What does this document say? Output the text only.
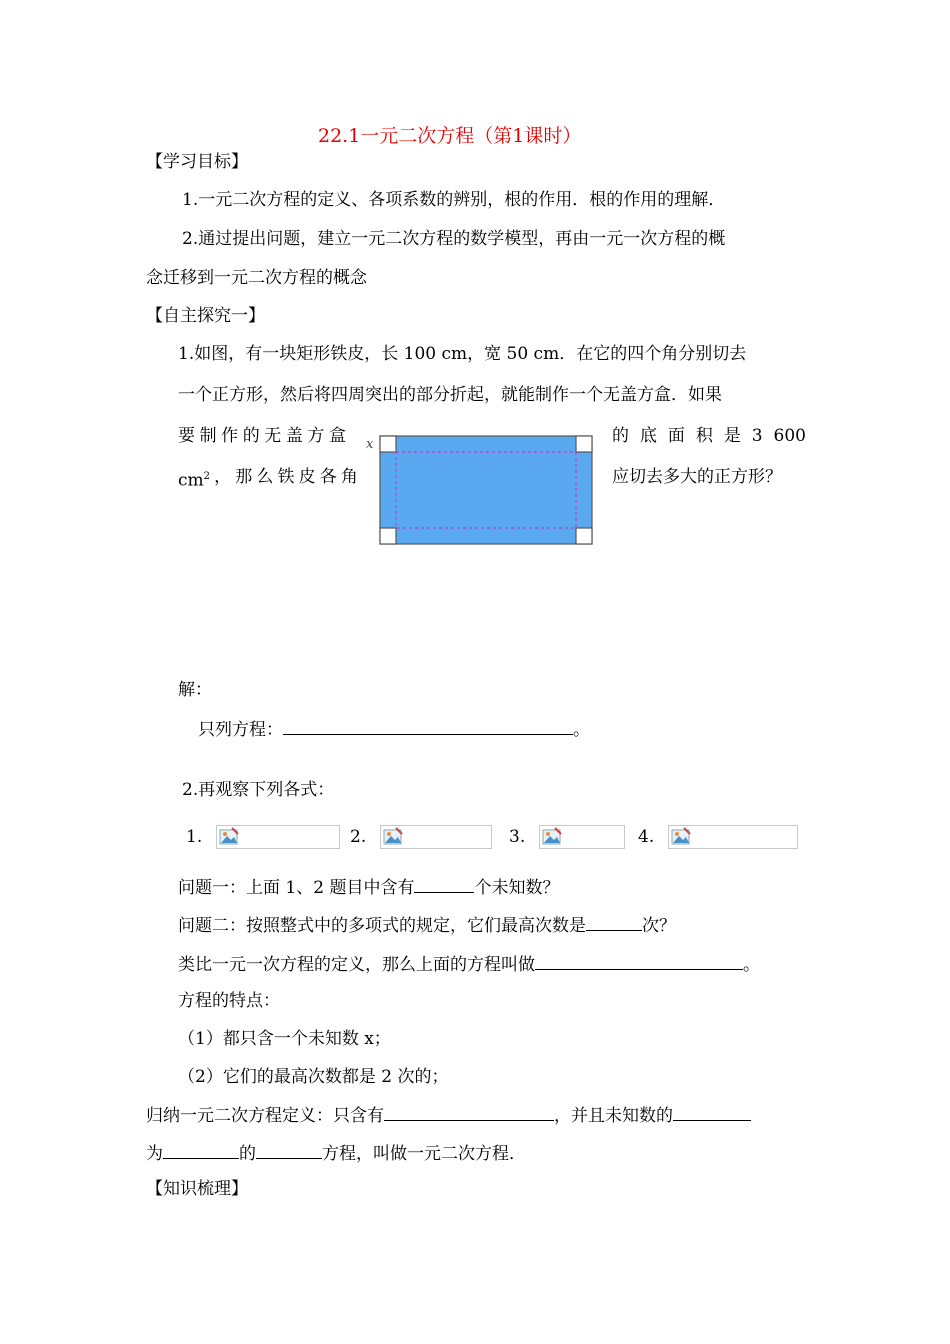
22.1一元二次方程（第1课时）
【学习目标】
1.一元二次方程的定义、各项系数的辨别，根的作用．根的作用的理解．
2.通过提出问题，建立一元二次方程的数学模型，再由一元一次方程的概
念迁移到一元二次方程的概念
【自主探究一】
1.如图，有一块矩形铁皮，长 100 cm，宽 50 cm．在它的四个角分别切去
一个正方形，然后将四周突出的部分折起，就能制作一个无盖方盒．如果
要 制 作 的 无 盖 方 盒	的 底 面 积 是 3 600
$cm^2$ ， 那 么 铁 皮 各 角	应切去多大的正方形？
x
解：
只列方程：	。
2.再观察下列各式：
1.	2.	3.	4.
问题一：上面 1、2 题目中含有	个未知数？
问题二：按照整式中的多项式的规定，它们最高次数是	次？
类比一元一次方程的定义，那么上面的方程叫做	。
方程的特点：
（1）都只含一个未知数 x；
（2）它们的最高次数都是 2 次的；
归纳一元二次方程定义：只含有	，并且未知数的
为	的	方程，叫做一元二次方程．
【知识梳理】
